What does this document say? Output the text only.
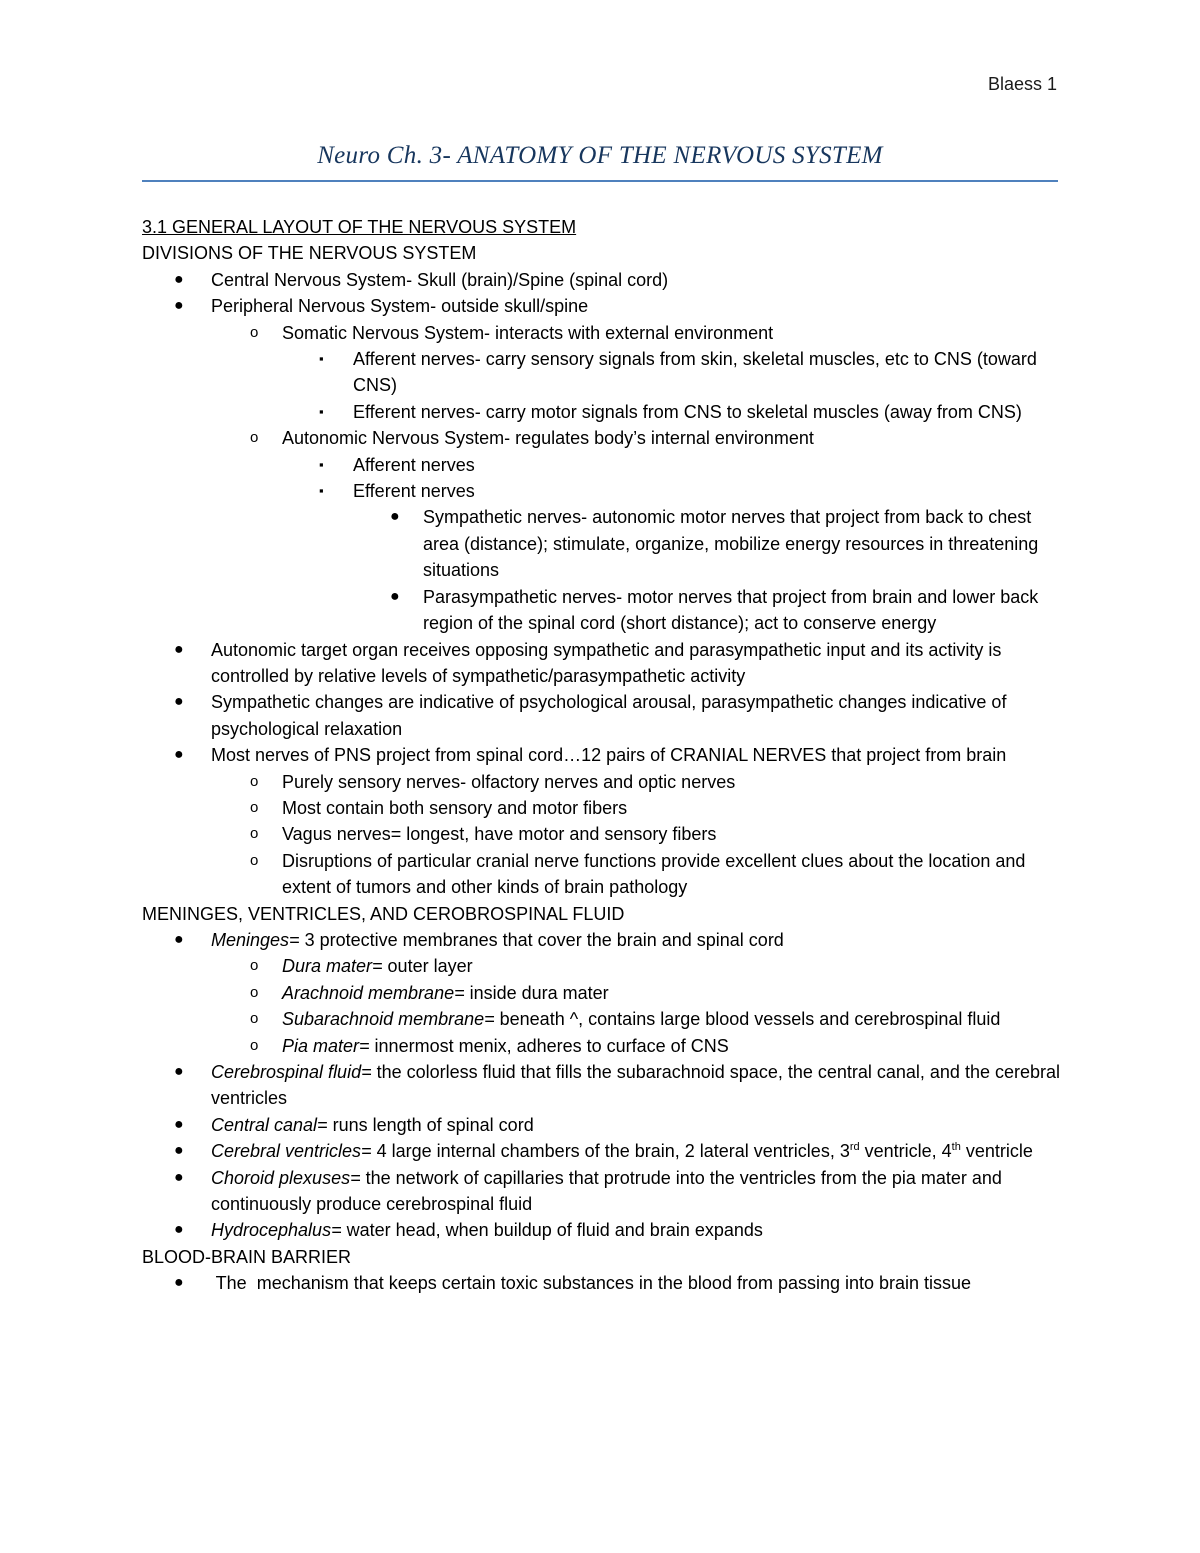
Blaess 1
Neuro Ch. 3- ANATOMY OF THE NERVOUS SYSTEM
3.1 GENERAL LAYOUT OF THE NERVOUS SYSTEM
DIVISIONS OF THE NERVOUS SYSTEM
● Central Nervous System- Skull (brain)/Spine (spinal cord)
● Peripheral Nervous System- outside skull/spine
o Somatic Nervous System- interacts with external environment
▪ Afferent nerves- carry sensory signals from skin, skeletal muscles, etc to CNS (toward CNS)
▪ Efferent nerves- carry motor signals from CNS to skeletal muscles (away from CNS)
o Autonomic Nervous System- regulates body’s internal environment
▪ Afferent nerves
▪ Efferent nerves
● Sympathetic nerves- autonomic motor nerves that project from back to chest area (distance); stimulate, organize, mobilize energy resources in threatening situations
● Parasympathetic nerves- motor nerves that project from brain and lower back region of the spinal cord (short distance); act to conserve energy
● Autonomic target organ receives opposing sympathetic and parasympathetic input and its activity is controlled by relative levels of sympathetic/parasympathetic activity
● Sympathetic changes are indicative of psychological arousal, parasympathetic changes indicative of psychological relaxation
● Most nerves of PNS project from spinal cord…12 pairs of CRANIAL NERVES that project from brain
o Purely sensory nerves- olfactory nerves and optic nerves
o Most contain both sensory and motor fibers
o Vagus nerves= longest, have motor and sensory fibers
o Disruptions of particular cranial nerve functions provide excellent clues about the location and extent of tumors and other kinds of brain pathology
MENINGES, VENTRICLES, AND CEROBROSPINAL FLUID
● Meninges= 3 protective membranes that cover the brain and spinal cord
o Dura mater= outer layer
o Arachnoid membrane= inside dura mater
o Subarachnoid membrane= beneath ^, contains large blood vessels and cerebrospinal fluid
o Pia mater= innermost menix, adheres to curface of CNS
● Cerebrospinal fluid= the colorless fluid that fills the subarachnoid space, the central canal, and the cerebral ventricles
● Central canal= runs length of spinal cord
● Cerebral ventricles= 4 large internal chambers of the brain, 2 lateral ventricles, 3rd ventricle, 4th ventricle
● Choroid plexuses= the network of capillaries that protrude into the ventricles from the pia mater and continuously produce cerebrospinal fluid
● Hydrocephalus= water head, when buildup of fluid and brain expands
BLOOD-BRAIN BARRIER
● The  mechanism that keeps certain toxic substances in the blood from passing into brain tissue
